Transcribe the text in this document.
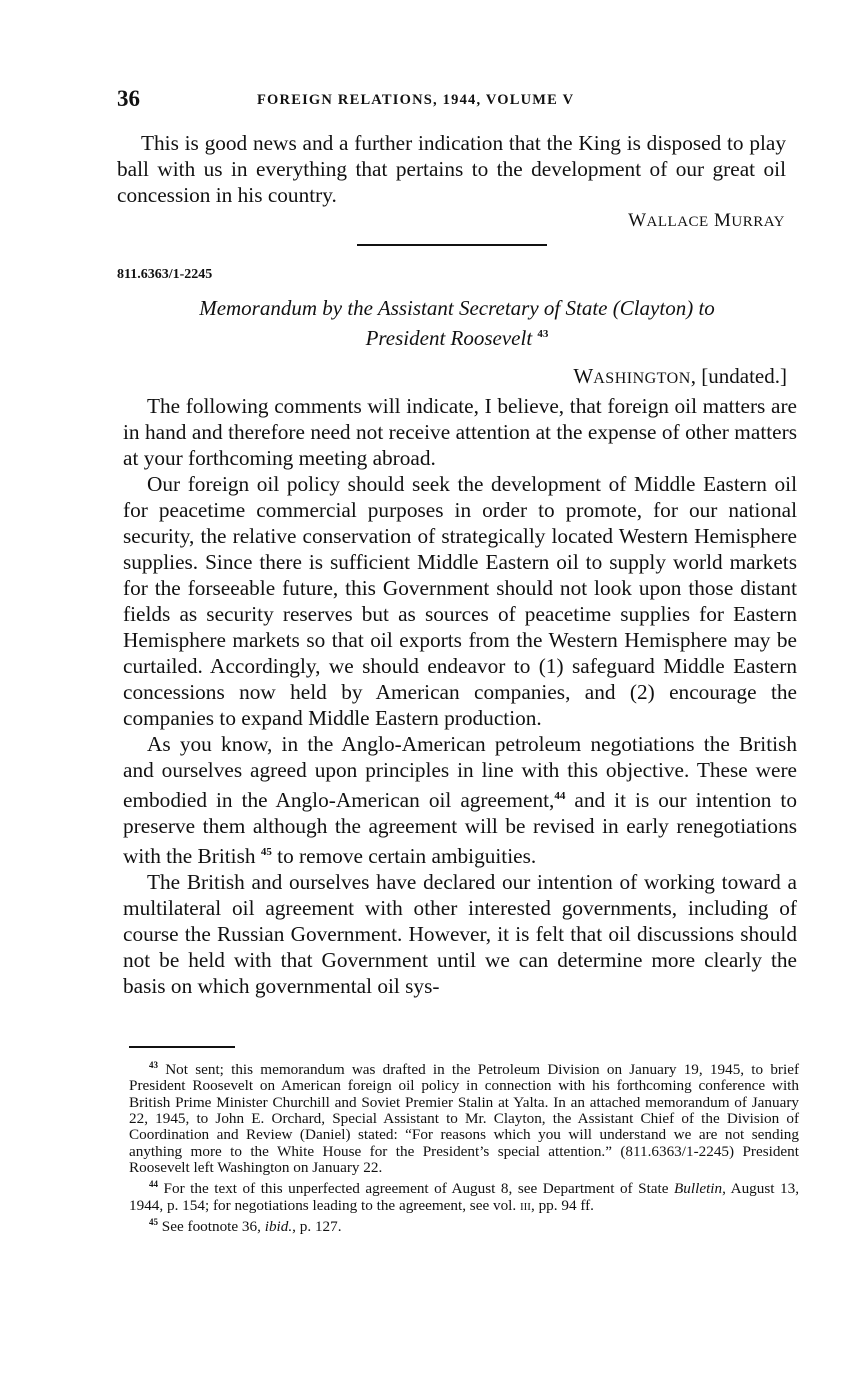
36	FOREIGN RELATIONS, 1944, VOLUME V

This is good news and a further indication that the King is disposed to play ball with us in everything that pertains to the development of our great oil concession in his country.

WALLACE MURRAY
811.6363/1-2245
Memorandum by the Assistant Secretary of State (Clayton) to
President Roosevelt $^{43}$
WASHINGTON, [undated.]

The following comments will indicate, I believe, that foreign oil matters are in hand and therefore need not receive attention at the expense of other matters at your forthcoming meeting abroad.

Our foreign oil policy should seek the development of Middle Eastern oil for peacetime commercial purposes in order to promote, for our national security, the relative conservation of strategically located Western Hemisphere supplies. Since there is sufficient Middle Eastern oil to supply world markets for the forseeable future, this Government should not look upon those distant fields as security reserves but as sources of peacetime supplies for Eastern Hemisphere markets so that oil exports from the Western Hemisphere may be curtailed. Accordingly, we should endeavor to (1) safeguard Middle Eastern concessions now held by American companies, and (2) encourage the companies to expand Middle Eastern production.

As you know, in the Anglo-American petroleum negotiations the British and ourselves agreed upon principles in line with this objective. These were embodied in the Anglo-American oil agreement,$^{44}$ and it is our intention to preserve them although the agreement will be revised in early renegotiations with the British $^{45}$ to remove certain ambiguities.

The British and ourselves have declared our intention of working toward a multilateral oil agreement with other interested governments, including of course the Russian Government. However, it is felt that oil discussions should not be held with that Government until we can determine more clearly the basis on which governmental oil sys-

$^{43}$ Not sent; this memorandum was drafted in the Petroleum Division on January 19, 1945, to brief President Roosevelt on American foreign oil policy in connection with his forthcoming conference with British Prime Minister Churchill and Soviet Premier Stalin at Yalta. In an attached memorandum of January 22, 1945, to John E. Orchard, Special Assistant to Mr. Clayton, the Assistant Chief of the Division of Coordination and Review (Daniel) stated: “For reasons which you will understand we are not sending anything more to the White House for the President’s special attention.” (811.6363/1-2245) President Roosevelt left Washington on January 22.

$^{44}$ For the text of this unperfected agreement of August 8, see Department of State Bulletin, August 13, 1944, p. 154; for negotiations leading to the agreement, see vol. iii, pp. 94 ff.

$^{45}$ See footnote 36, ibid., p. 127.
